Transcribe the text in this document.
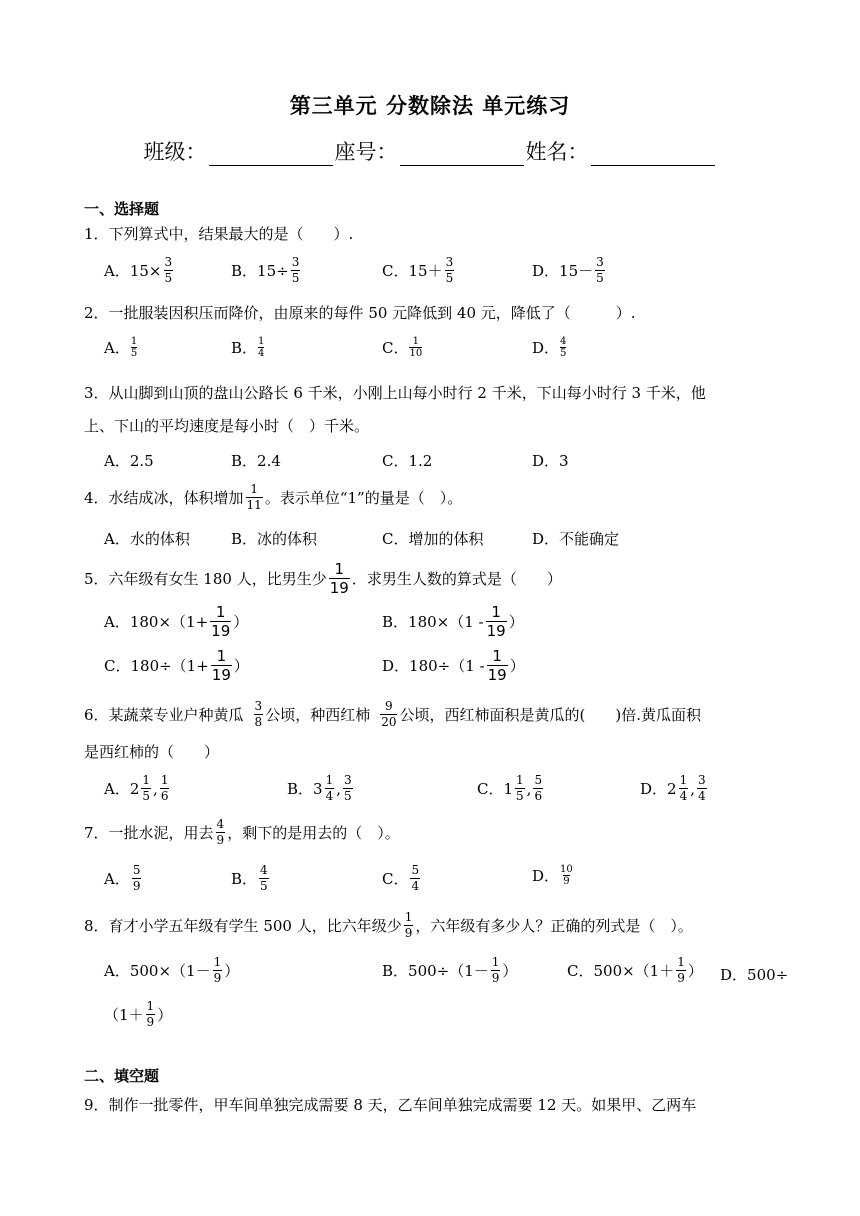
第三单元 分数除法 单元练习
班级：	座号：	姓名：
一、选择题
1．下列算式中，结果最大的是（　　）.
A．$15\times \frac{3}{5}$	B．$15\div \frac{3}{5}$	C．15＋ 3
5	D．15－ 3
5
2．一批服装因积压而降价，由原来的每件 50 元降低到 40 元，降低了（　　　）.
A． 1
5	B． 1
4	C． 1
10	D． 4
5
3．从山脚到山顶的盘山公路长 6 千米，小刚上山每小时行 2 千米，下山每小时行 3 千米，他
上、下山的平均速度是每小时（　）千米。
A．2.5	B．2.4	C．1.2	D．3
4．水结成冰，体积增加 1
11 。表示单位“1”的量是（　）。
A．水的体积	B．冰的体积	C．增加的体积	D．不能确定
5．六年级有女生 180 人，比男生少
1
19 ．求男生人数的算式是（　　）
A．$180\times(1+ \frac{1}{19}$ ）	B．180×（1 -
1
19 ）
C．$180\div(1+ \frac{1}{19}$ ）	D．180÷（1 -
1
19 ）
6．某蔬菜专业户种黄瓜 3
8 公顷，种西红柿 9
20 公顷，西红柿面积是黄瓜的(　　)倍.黄瓜面积
是西红柿的（　　）
A． 2 1
5 , 1
6	B． 3 1
4 , 3
5	C． 1 1
5 , 5
6	D． 2 1
4 , 3
4
7．一批水泥，用去 4
9 ，剩下的是用去的（　）。
A． 5
9	B． 4
5	C． 5
4
D． 10
9
8．育才小学五年级有学生 500 人，比六年级少 1
9 ，六年级有多少人？正确的列式是（　）。
A．500×（1－ 1
9 ）	B．500÷（1－ 1
9 ）	C．500×（1＋ 1
9 ） D．500÷
（1＋ 1
9 ）
二、填空题
9．制作一批零件，甲车间单独完成需要 8 天，乙车间单独完成需要 12 天。如果甲、乙两车
